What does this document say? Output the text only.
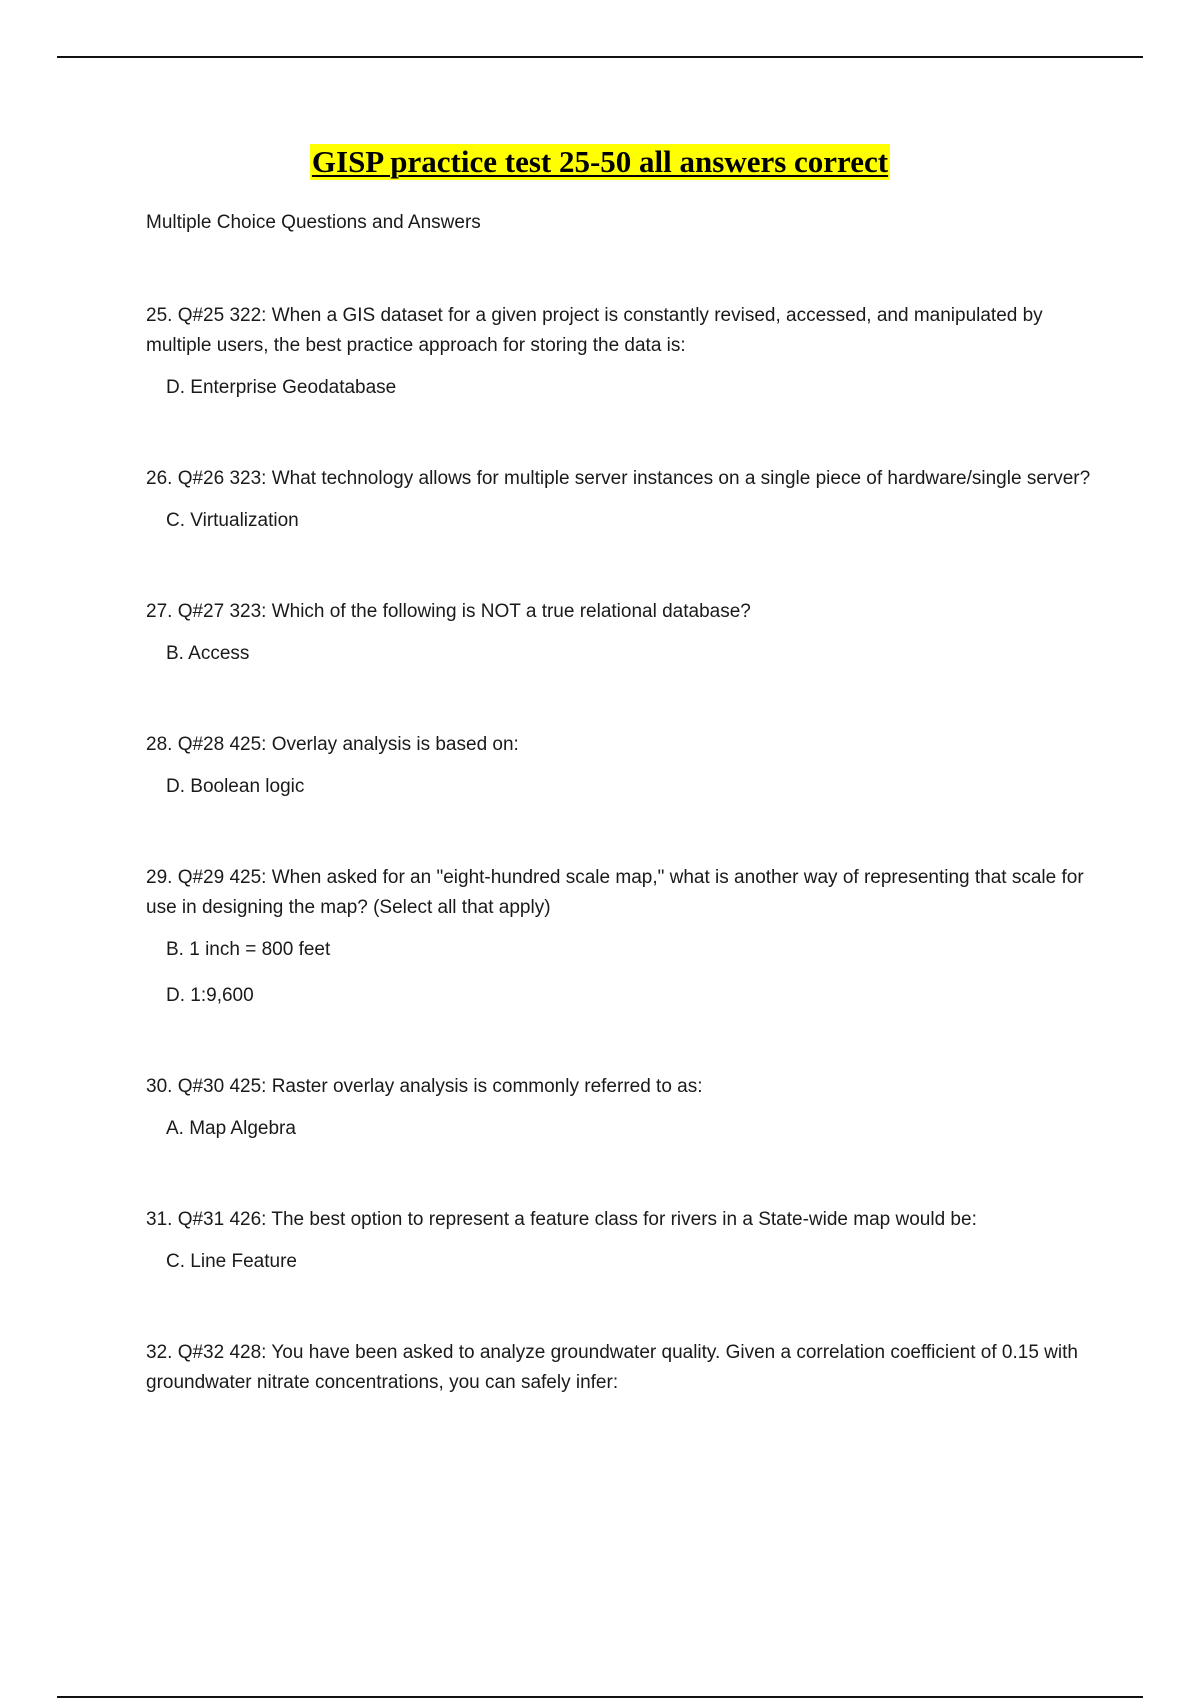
GISP practice test 25-50 all answers correct
Multiple Choice Questions and Answers

25. Q#25 322: When a GIS dataset for a given project is constantly revised, accessed, and manipulated by multiple users, the best practice approach for storing the data is:

D. Enterprise Geodatabase

26. Q#26 323: What technology allows for multiple server instances on a single piece of hardware/single server?

C. Virtualization

27. Q#27 323: Which of the following is NOT a true relational database?

B. Access

28. Q#28 425: Overlay analysis is based on:

D. Boolean logic

29. Q#29 425: When asked for an "eight-hundred scale map," what is another way of representing that scale for use in designing the map? (Select all that apply)

B. 1 inch = 800 feet

D. 1:9,600

30. Q#30 425: Raster overlay analysis is commonly referred to as:

A. Map Algebra

31. Q#31 426: The best option to represent a feature class for rivers in a State-wide map would be:

C. Line Feature

32. Q#32 428: You have been asked to analyze groundwater quality. Given a correlation coefficient of 0.15 with groundwater nitrate concentrations, you can safely infer:
